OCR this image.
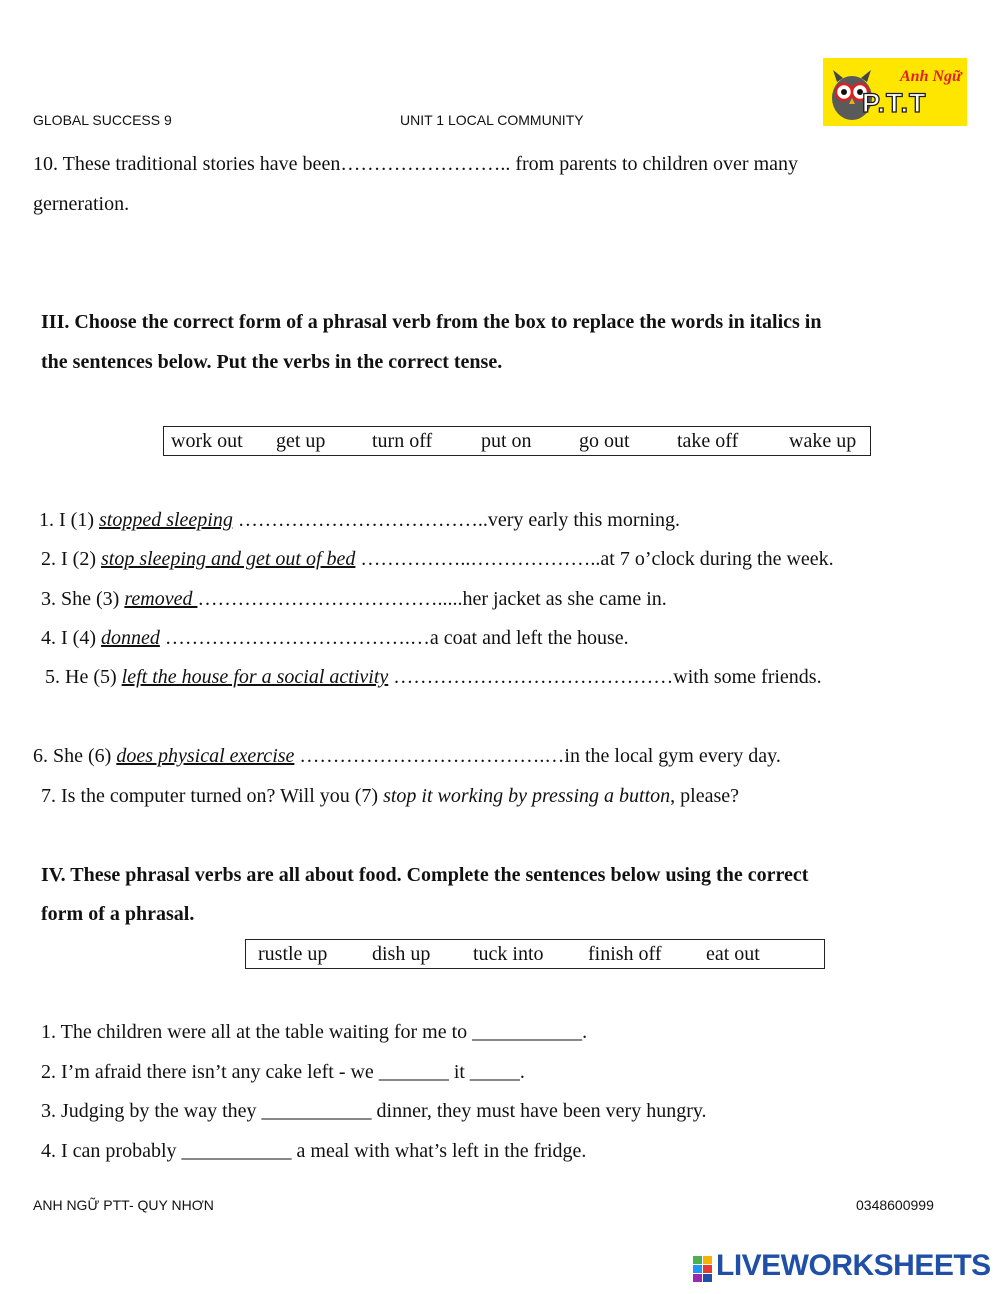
GLOBAL SUCCESS 9	UNIT 1 LOCAL COMMUNITY
Anh Ngữ
P.T.T
10. These traditional stories have been…………………….. from parents to children over many
gerneration.
III. Choose the correct form of a phrasal verb from the box to replace the words in italics in
the sentences below. Put the verbs in the correct tense.
work out	get up	turn off	put on	go out	take off	wake up
1. I (1) stopped sleeping ………………………………..very early this morning.
2. I (2) stop sleeping and get out of bed ……………..………………..at 7 o’clock during the week.
3. She (3) removed ……………………………….....her jacket as she came in.
4. I (4) donned ……………………………….…a coat and left the house.
5. He (5) left the house for a social activity ……………………………………with some friends.
6. She (6) does physical exercise ……………………………….…in the local gym every day.
7. Is the computer turned on? Will you (7) stop it working by pressing a button, please?
IV. These phrasal verbs are all about food. Complete the sentences below using the correct
form of a phrasal.
rustle up	dish up	tuck into	finish off	eat out
1. The children were all at the table waiting for me to ___________.
2. I’m afraid there isn’t any cake left - we _______ it _____.
3. Judging by the way they ___________ dinner, they must have been very hungry.
4. I can probably ___________ a meal with what’s left in the fridge.
ANH NGỮ PTT- QUY NHƠN	0348600999
LIVEWORKSHEETS
